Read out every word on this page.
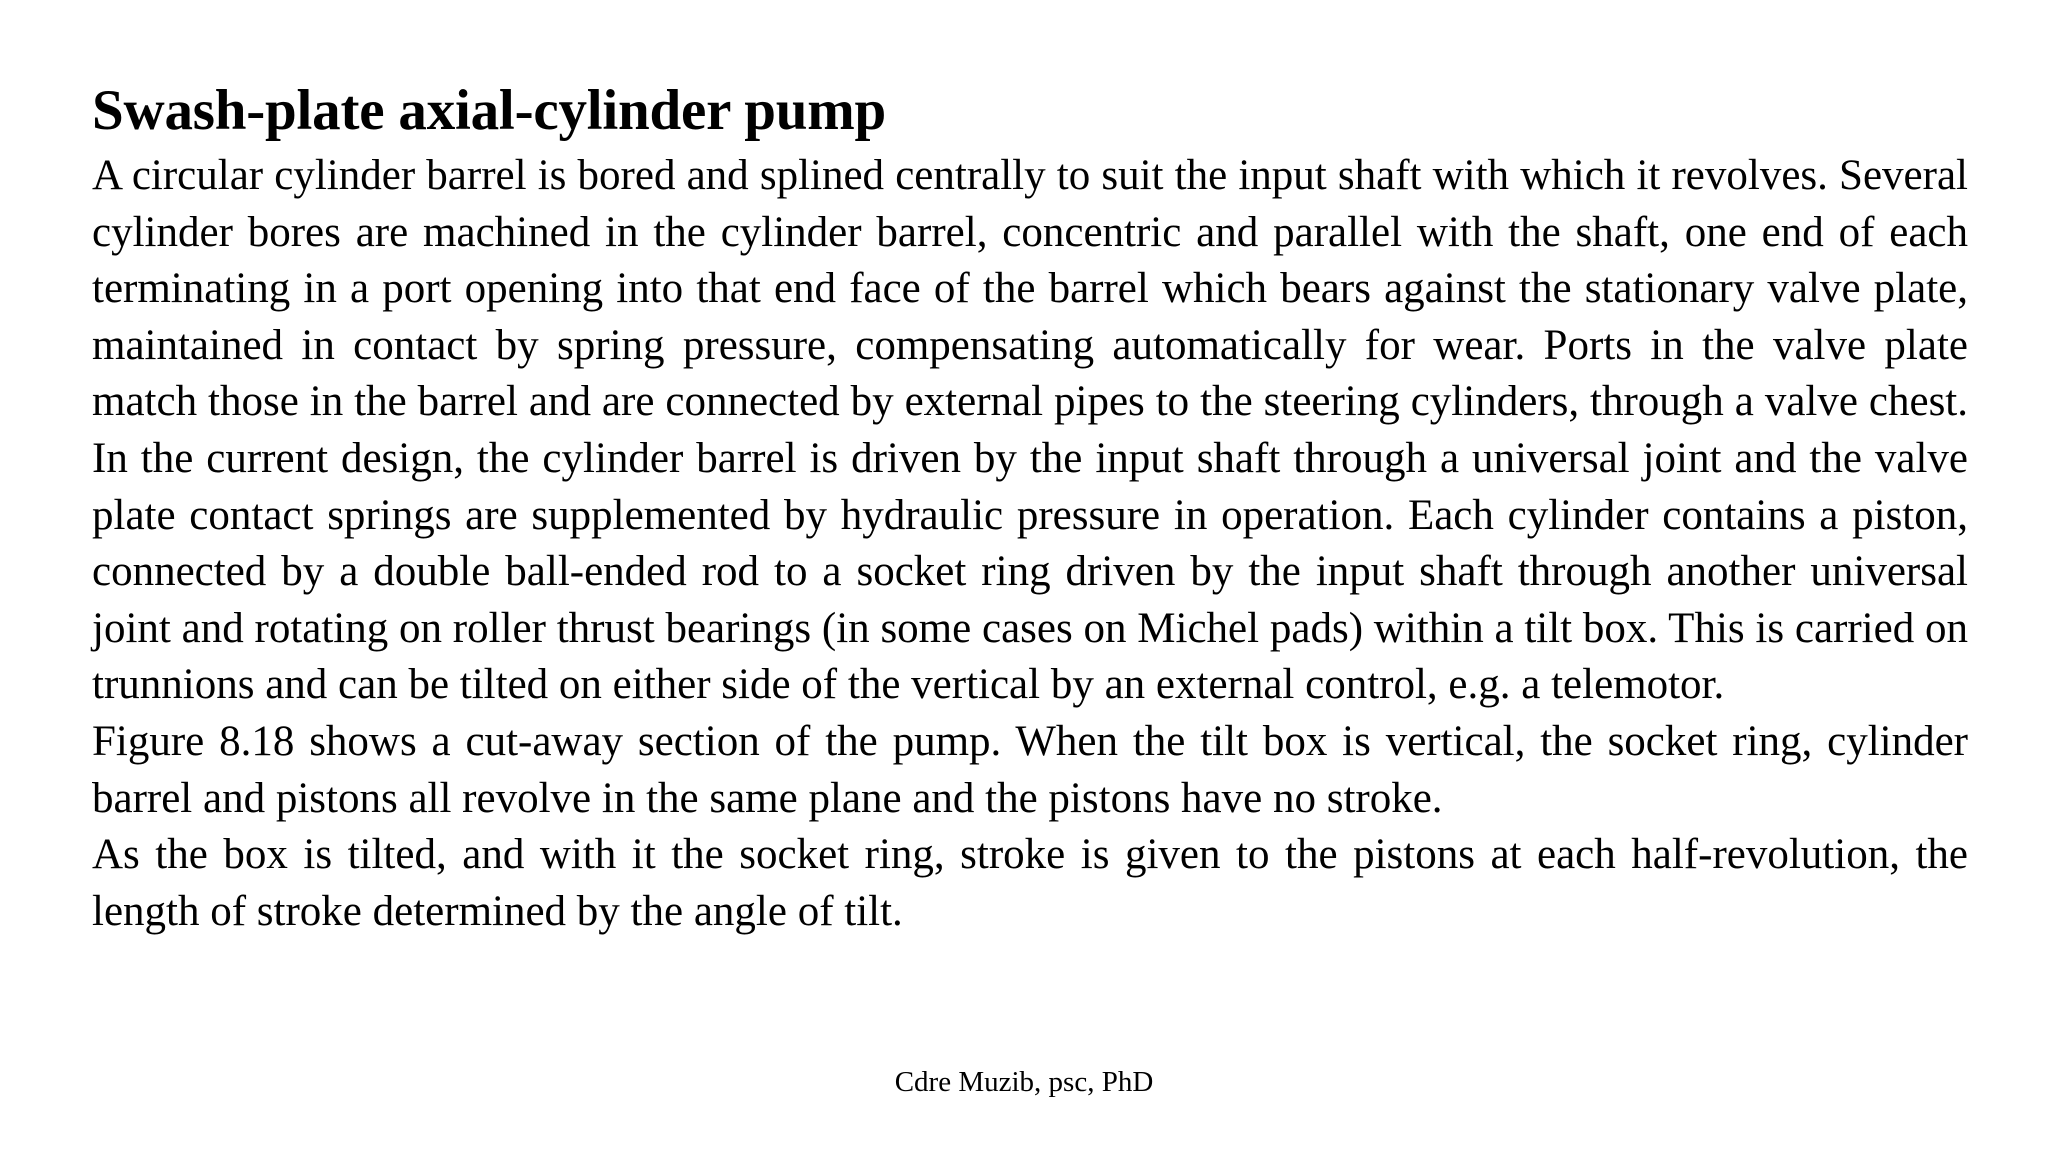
Swash-plate axial-cylinder pump

A circular cylinder barrel is bored and splined centrally to suit the input shaft with which it revolves. Several cylinder bores are machined in the cylinder barrel, concentric and parallel with the shaft, one end of each terminating in a port opening into that end face of the barrel which bears against the stationary valve plate, maintained in contact by spring pressure, compensating automatically for wear. Ports in the valve plate match those in the barrel and are connected by external pipes to the steering cylinders, through a valve chest. In the current design, the cylinder barrel is driven by the input shaft through a universal joint and the valve plate contact springs are supplemented by hydraulic pressure in operation. Each cylinder contains a piston, connected by a double ball-ended rod to a socket ring driven by the input shaft through another universal joint and rotating on roller thrust bearings (in some cases on Michel pads) within a tilt box. This is carried on trunnions and can be tilted on either side of the vertical by an external control, e.g. a telemotor.

Figure 8.18 shows a cut-away section of the pump. When the tilt box is vertical, the socket ring, cylinder barrel and pistons all revolve in the same plane and the pistons have no stroke.

As the box is tilted, and with it the socket ring, stroke is given to the pistons at each half-revolution, the length of stroke determined by the angle of tilt.

Cdre Muzib, psc, PhD
